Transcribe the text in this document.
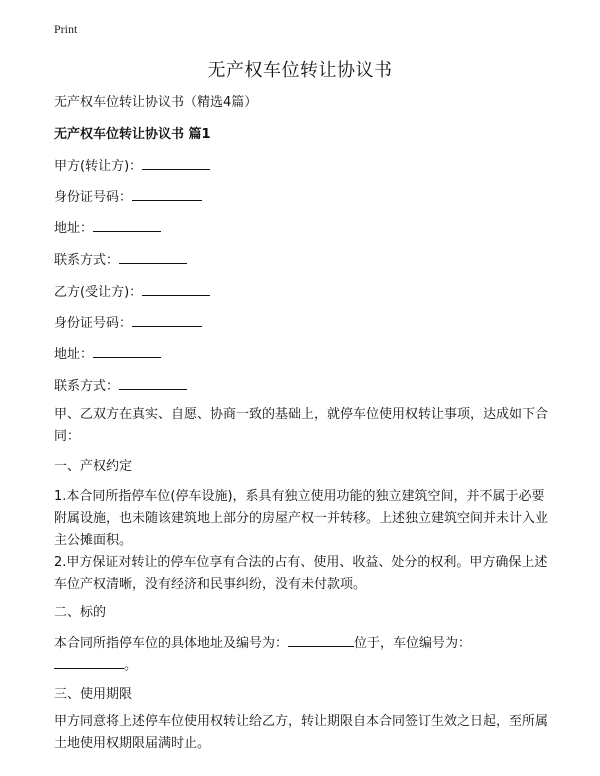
Print
无产权车位转让协议书
无产权车位转让协议书（精选4篇）
无产权车位转让协议书 篇1
甲方(转让方)：
身份证号码：
地址：
联系方式：
乙方(受让方)：
身份证号码：
地址：
联系方式：
甲、乙双方在真实、自愿、协商一致的基础上，就停车位使用权转让事项，达成如下合同：
一、产权约定
1.本合同所指停车位(停车设施)，系具有独立使用功能的独立建筑空间，并不属于必要附属设施，也未随该建筑地上部分的房屋产权一并转移。上述独立建筑空间并未计入业主公摊面积。
2.甲方保证对转让的停车位享有合法的占有、使用、收益、处分的权利。甲方确保上述车位产权清晰，没有经济和民事纠纷，没有未付款项。
二、标的
本合同所指停车位的具体地址及编号为：	位于，车位编号为：
。
三、使用期限
甲方同意将上述停车位使用权转让给乙方，转让期限自本合同签订生效之日起，至所属土地使用权期限届满时止。
